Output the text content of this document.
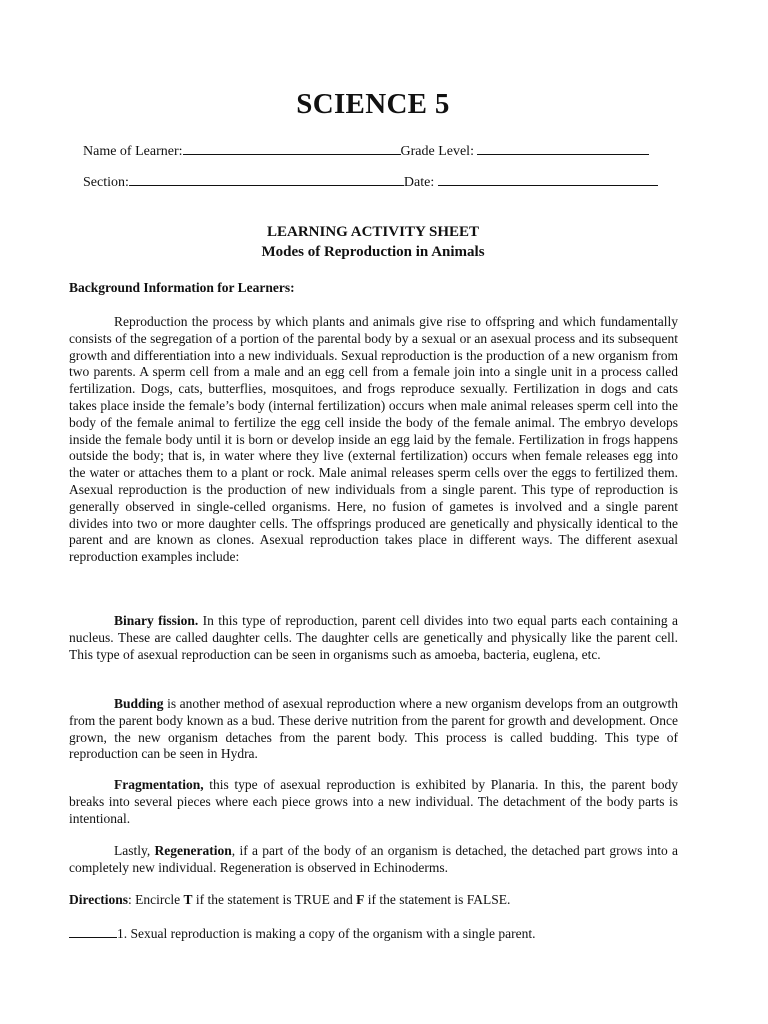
SCIENCE 5
Name of Learner:	Grade Level:
Section:	Date:
LEARNING ACTIVITY SHEET
Modes of Reproduction in Animals
Background Information for Learners:

Reproduction the process by which plants and animals give rise to offspring and which fundamentally consists of the segregation of a portion of the parental body by a sexual or an asexual process and its subsequent growth and differentiation into a new individuals. Sexual reproduction is the production of a new organism from two parents. A sperm cell from a male and an egg cell from a female join into a single unit in a process called fertilization. Dogs, cats, butterflies, mosquitoes, and frogs reproduce sexually. Fertilization in dogs and cats takes place inside the female’s body (internal fertilization) occurs when male animal releases sperm cell into the body of the female animal to fertilize the egg cell inside the body of the female animal. The embryo develops inside the female body until it is born or develop inside an egg laid by the female. Fertilization in frogs happens outside the body; that is, in water where they live (external fertilization) occurs when female releases egg into the water or attaches them to a plant or rock. Male animal releases sperm cells over the eggs to fertilized them. Asexual reproduction is the production of new individuals from a single parent. This type of reproduction is generally observed in single-celled organisms. Here, no fusion of gametes is involved and a single parent divides into two or more daughter cells. The offsprings produced are genetically and physically identical to the parent and are known as clones. Asexual reproduction takes place in different ways. The different asexual reproduction examples include:

Binary fission. In this type of reproduction, parent cell divides into two equal parts each containing a nucleus. These are called daughter cells. The daughter cells are genetically and physically like the parent cell. This type of asexual reproduction can be seen in organisms such as amoeba, bacteria, euglena, etc.

Budding is another method of asexual reproduction where a new organism develops from an outgrowth from the parent body known as a bud. These derive nutrition from the parent for growth and development. Once grown, the new organism detaches from the parent body. This process is called budding. This type of reproduction can be seen in Hydra.

Fragmentation, this type of asexual reproduction is exhibited by Planaria. In this, the parent body breaks into several pieces where each piece grows into a new individual. The detachment of the body parts is intentional.

Lastly, Regeneration, if a part of the body of an organism is detached, the detached part grows into a completely new individual. Regeneration is observed in Echinoderms.

Directions: Encircle T if the statement is TRUE and F if the statement is FALSE.
1. Sexual reproduction is making a copy of the organism with a single parent.
